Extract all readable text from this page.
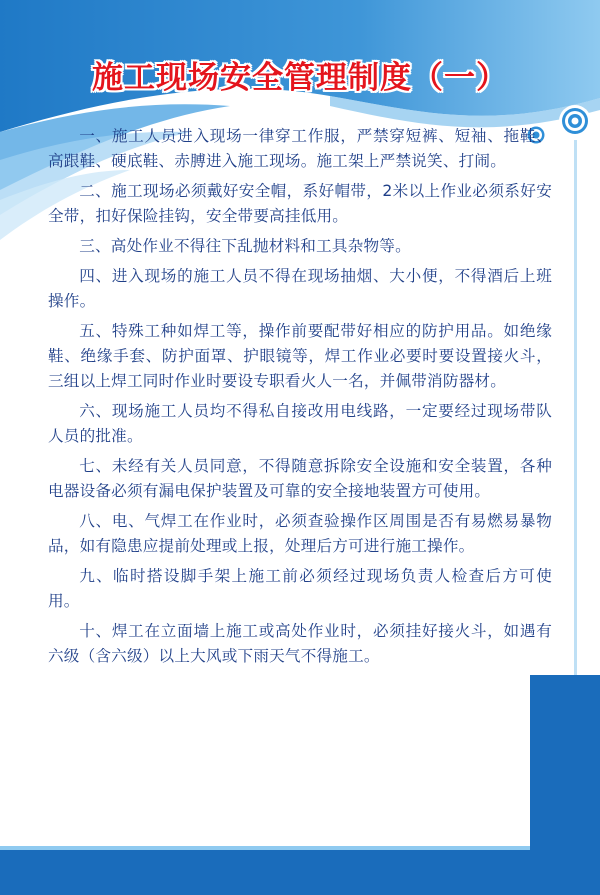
施工现场安全管理制度（一）

一、施工人员进入现场一律穿工作服，严禁穿短裤、短袖、拖鞋、高跟鞋、硬底鞋、赤膊进入施工现场。施工架上严禁说笑、打闹。

二、施工现场必须戴好安全帽，系好帽带，2米以上作业必须系好安全带，扣好保险挂钩，安全带要高挂低用。

三、高处作业不得往下乱抛材料和工具杂物等。

四、进入现场的施工人员不得在现场抽烟、大小便，不得酒后上班操作。

五、特殊工种如焊工等，操作前要配带好相应的防护用品。如绝缘鞋、绝缘手套、防护面罩、护眼镜等，焊工作业必要时要设置接火斗，三组以上焊工同时作业时要设专职看火人一名，并佩带消防器材。

六、现场施工人员均不得私自接改用电线路，一定要经过现场带队人员的批准。

七、未经有关人员同意，不得随意拆除安全设施和安全装置，各种电器设备必须有漏电保护装置及可靠的安全接地装置方可使用。

八、电、气焊工在作业时，必须查验操作区周围是否有易燃易暴物品，如有隐患应提前处理或上报，处理后方可进行施工操作。

九、临时搭设脚手架上施工前必须经过现场负责人检查后方可使用。

十、焊工在立面墙上施工或高处作业时，必须挂好接火斗，如遇有六级（含六级）以上大风或下雨天气不得施工。
